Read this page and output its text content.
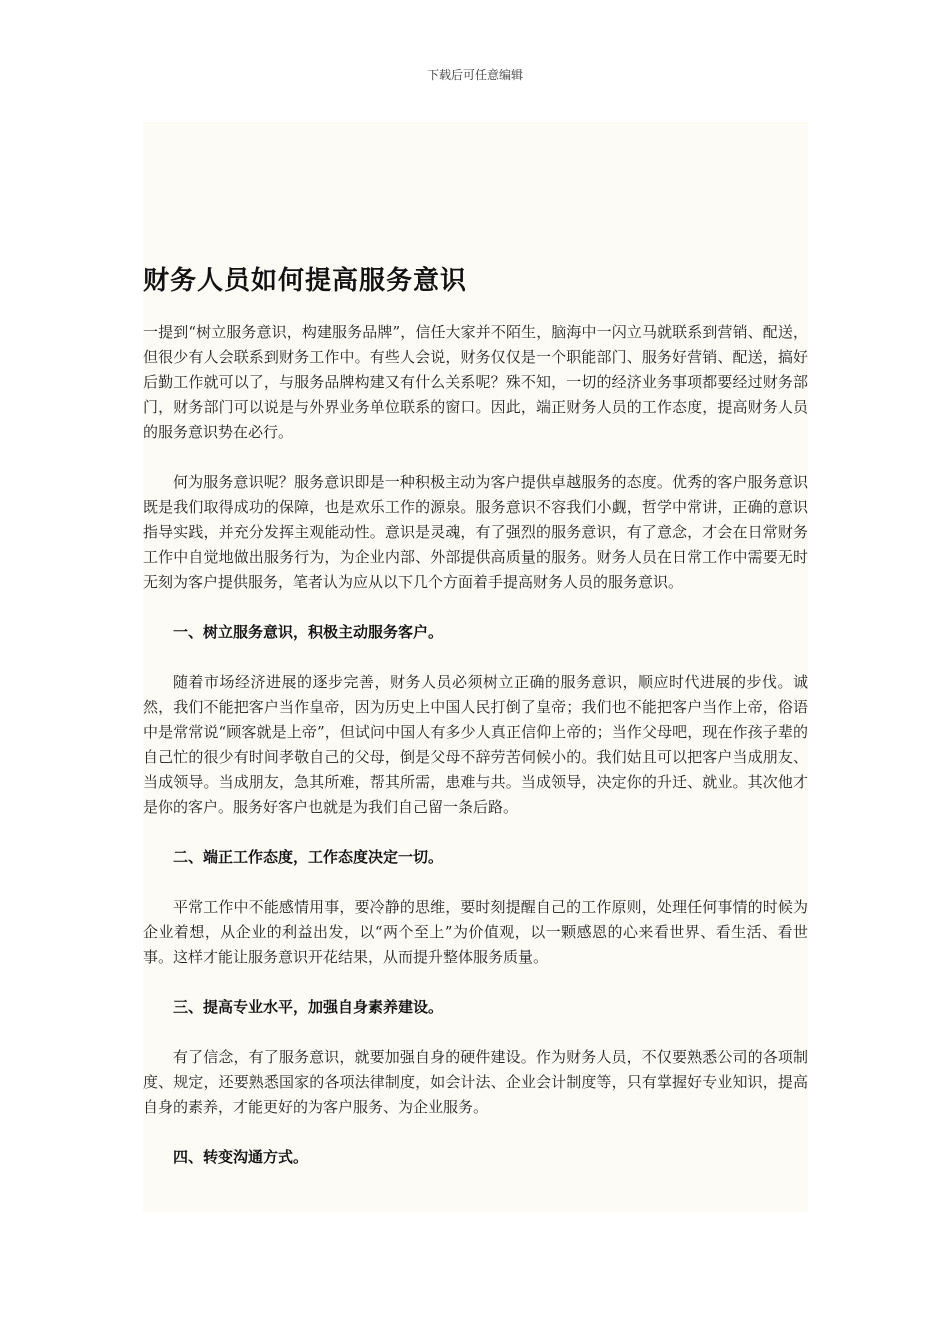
下载后可任意编辑
财务人员如何提高服务意识

一提到“树立服务意识，构建服务品牌”，信任大家并不陌生，脑海中一闪立马就联系到营销、配送，但很少有人会联系到财务工作中。有些人会说，财务仅仅是一个职能部门、服务好营销、配送，搞好后勤工作就可以了，与服务品牌构建又有什么关系呢？殊不知，一切的经济业务事项都要经过财务部门，财务部门可以说是与外界业务单位联系的窗口。因此，端正财务人员的工作态度，提高财务人员的服务意识势在必行。

何为服务意识呢？服务意识即是一种积极主动为客户提供卓越服务的态度。优秀的客户服务意识既是我们取得成功的保障，也是欢乐工作的源泉。服务意识不容我们小觑，哲学中常讲，正确的意识指导实践，并充分发挥主观能动性。意识是灵魂，有了强烈的服务意识，有了意念，才会在日常财务工作中自觉地做出服务行为，为企业内部、外部提供高质量的服务。财务人员在日常工作中需要无时无刻为客户提供服务，笔者认为应从以下几个方面着手提高财务人员的服务意识。

一、树立服务意识，积极主动服务客户。

随着市场经济进展的逐步完善，财务人员必须树立正确的服务意识，顺应时代进展的步伐。诚然，我们不能把客户当作皇帝，因为历史上中国人民打倒了皇帝；我们也不能把客户当作上帝，俗语中是常常说“顾客就是上帝”，但试问中国人有多少人真正信仰上帝的；当作父母吧，现在作孩子辈的自己忙的很少有时间孝敬自己的父母，倒是父母不辞劳苦伺候小的。我们姑且可以把客户当成朋友、当成领导。当成朋友，急其所难，帮其所需，患难与共。当成领导，决定你的升迁、就业。其次他才是你的客户。服务好客户也就是为我们自己留一条后路。

二、端正工作态度，工作态度决定一切。

平常工作中不能感情用事，要冷静的思维，要时刻提醒自己的工作原则，处理任何事情的时候为企业着想，从企业的利益出发，以“两个至上”为价值观，以一颗感恩的心来看世界、看生活、看世事。这样才能让服务意识开花结果，从而提升整体服务质量。

三、提高专业水平，加强自身素养建设。

有了信念，有了服务意识，就要加强自身的硬件建设。作为财务人员，不仅要熟悉公司的各项制度、规定，还要熟悉国家的各项法律制度，如会计法、企业会计制度等，只有掌握好专业知识，提高自身的素养，才能更好的为客户服务、为企业服务。

四、转变沟通方式。
